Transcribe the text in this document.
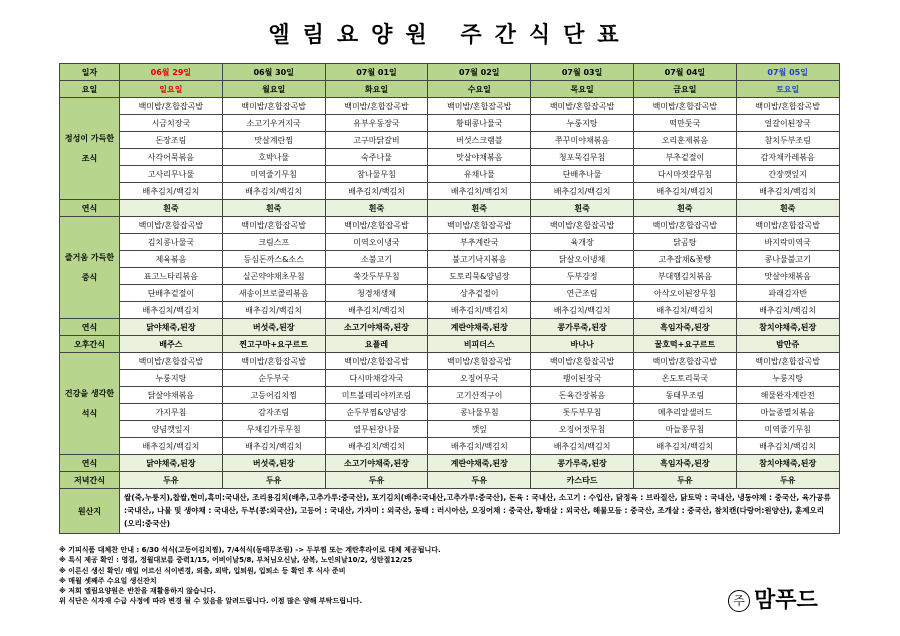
엘림요양원 주간식단표
일자	06월 29일	06월 30일	07월 01일	07월 02일	07월 03일	07월 04일	07월 05일
요일	일요일	월요일	화요일	수요일	목요일	금요일	토요일
정성이 가득한 조식	백미밥/혼합잡곡밥	백미밥/혼합잡곡밥	백미밥/혼합잡곡밥	백미밥/혼합잡곡밥	백미밥/혼합잡곡밥	백미밥/혼합잡곡밥	백미밥/혼합잡곡밥
	시금치장국	소고기우거지국	유부우동장국	황태콩나물국	누룽지탕	떡만둣국	얼갈이된장국
	돈장조림	맛살계란찜	고구마닭갈비	버섯스크램블	쭈꾸미야채볶음	오리훈제볶음	참치두부조림
	사각어묵볶음	호박나물	숙주나물	맛살야채볶음	청포묵김무침	부추겉절이	감자채카레볶음
	고사리무나물	미역줄기무침	참나물무침	유채나물	단배추나물	다시마젓갈무침	간장깻잎지
	배추김치/백김치	배추김치/백김치	배추김치/백김치	배추김치/백김치	배추김치/백김치	배추김치/백김치	배추김치/백김치
연식	흰죽	흰죽	흰죽	흰죽	흰죽	흰죽	흰죽
즐거움 가득한 중식	백미밥/혼합잡곡밥	백미밥/혼합잡곡밥	백미밥/혼합잡곡밥	백미밥/혼합잡곡밥	백미밥/혼합잡곡밥	백미밥/혼합잡곡밥	백미밥/혼합잡곡밥
	김치콩나물국	크림스프	미역오이냉국	부추계란국	육개장	닭곰탕	바지락미역국
	제육볶음	등심돈까스&소스	소불고기	불고기낙지볶음	닭살오이냉채	고추잡채&꽃빵	콩나물불고기
	표고느타리볶음	실곤약야채초무침	쑥갓두부무침	도토리묵&양념장	두부강정	부대햄김치볶음	맛살야채볶음
	단배추겉절이	새송이브로콜리볶음	청경채생채	상추겉절이	연근조림	아삭오이된장무침	파래김자반
	배추김치/백김치	배추김치/백김치	배추김치/백김치	배추김치/백김치	배추김치/백김치	배추김치/백김치	배추김치/백김치
연식	닭야채죽,된장	버섯죽,된장	소고기야채죽,된장	계란야채죽,된장	콩가루죽,된장	흑임자죽,된장	참치야채죽,된장
오후간식	배주스	찐고구마+요구르트	요플레	비피더스	바나나	꿀호떡+요구르트	밤만쥬
건강을 생각한 석식	백미밥/혼합잡곡밥	백미밥/혼합잡곡밥	백미밥/혼합잡곡밥	백미밥/혼합잡곡밥	백미밥/혼합잡곡밥	백미밥/혼합잡곡밥	백미밥/혼합잡곡밥
	누룽지탕	순두부국	다시마채감자국	오징어무국	팽이된장국	온도토리묵국	누룽지탕
	닭살야채볶음	고등어김치찜	미트볼데리야끼조림	고기산적구이	돈육간장볶음	동태무조림	해물완자계란전
	가지무침	감자조림	순두부찜&양념장	콩나물무침	톳두부무침	메추리알샐러드	마늘종멸치볶음
	양념깻잎지	무채김가루무침	열무된장나물	깻잎	오징어젓무침	마늘쫑무침	미역줄기무침
	배추김치/백김치	배추김치/백김치	배추김치/백김치	배추김치/백김치	배추김치/백김치	배추김치/백김치	배추김치/백김치
연식	닭야채죽,된장	버섯죽,된장	소고기야채죽,된장	계란야채죽,된장	콩가루죽,된장	흑임자죽,된장	참치야채죽,된장
저녁간식	두유	두유	두유	두유	카스타드	두유	두유
원산지	쌀(죽,누룽지),찹쌀,현미,흑미:국내산, 조리용김치(배추,고추가루:중국산), 포기김치(배추:국내산,고추가루:중국산), 돈육 : 국내산, 소고기 : 수입산, 닭정육 : 브라질산, 닭토막 : 국내산, 냉동야채 : 중국산, 육가공류 :국내산,, 나물 및 생야채 : 국내산, 두부(콩:외국산), 고등어 : 국내산, 가자미 : 외국산, 동태 : 러시아산, 오징어채 : 중국산, 황태살 : 외국산, 해물모듬 : 중국산, 조개살 : 중국산, 참치캔(다랑어:원양산), 훈제오리(오리:중국산)						
※ 기피식품 대체찬 안내 : 6/30 석식(고등어김치찜), 7/4석식(동태무조림) -> 두부찜 또는 계란후라이로 대체 제공됩니다.
※ 특식 제공 확인 : 영결, 정월대보름 중력1/15, 어버이날5/8, 부처님오신날, 삼복, 노인의날10/2, 성탄절12/25
※ 이른신 생신 확인/ 매일 어르신 식이변경, 외출, 외박, 입퇴원, 입퇴소 등 확인 후 식사 준비
※ 매월 셋째주 수요일 생신잔치
※ 저희 엘림요양원은 반찬을 재활용하지 않습니다.
위 식단은 식자재 수급 사정에 따라 변경 될 수 있음을 알려드립니다. 이점 많은 양해 부탁드립니다.	주 맘푸드
